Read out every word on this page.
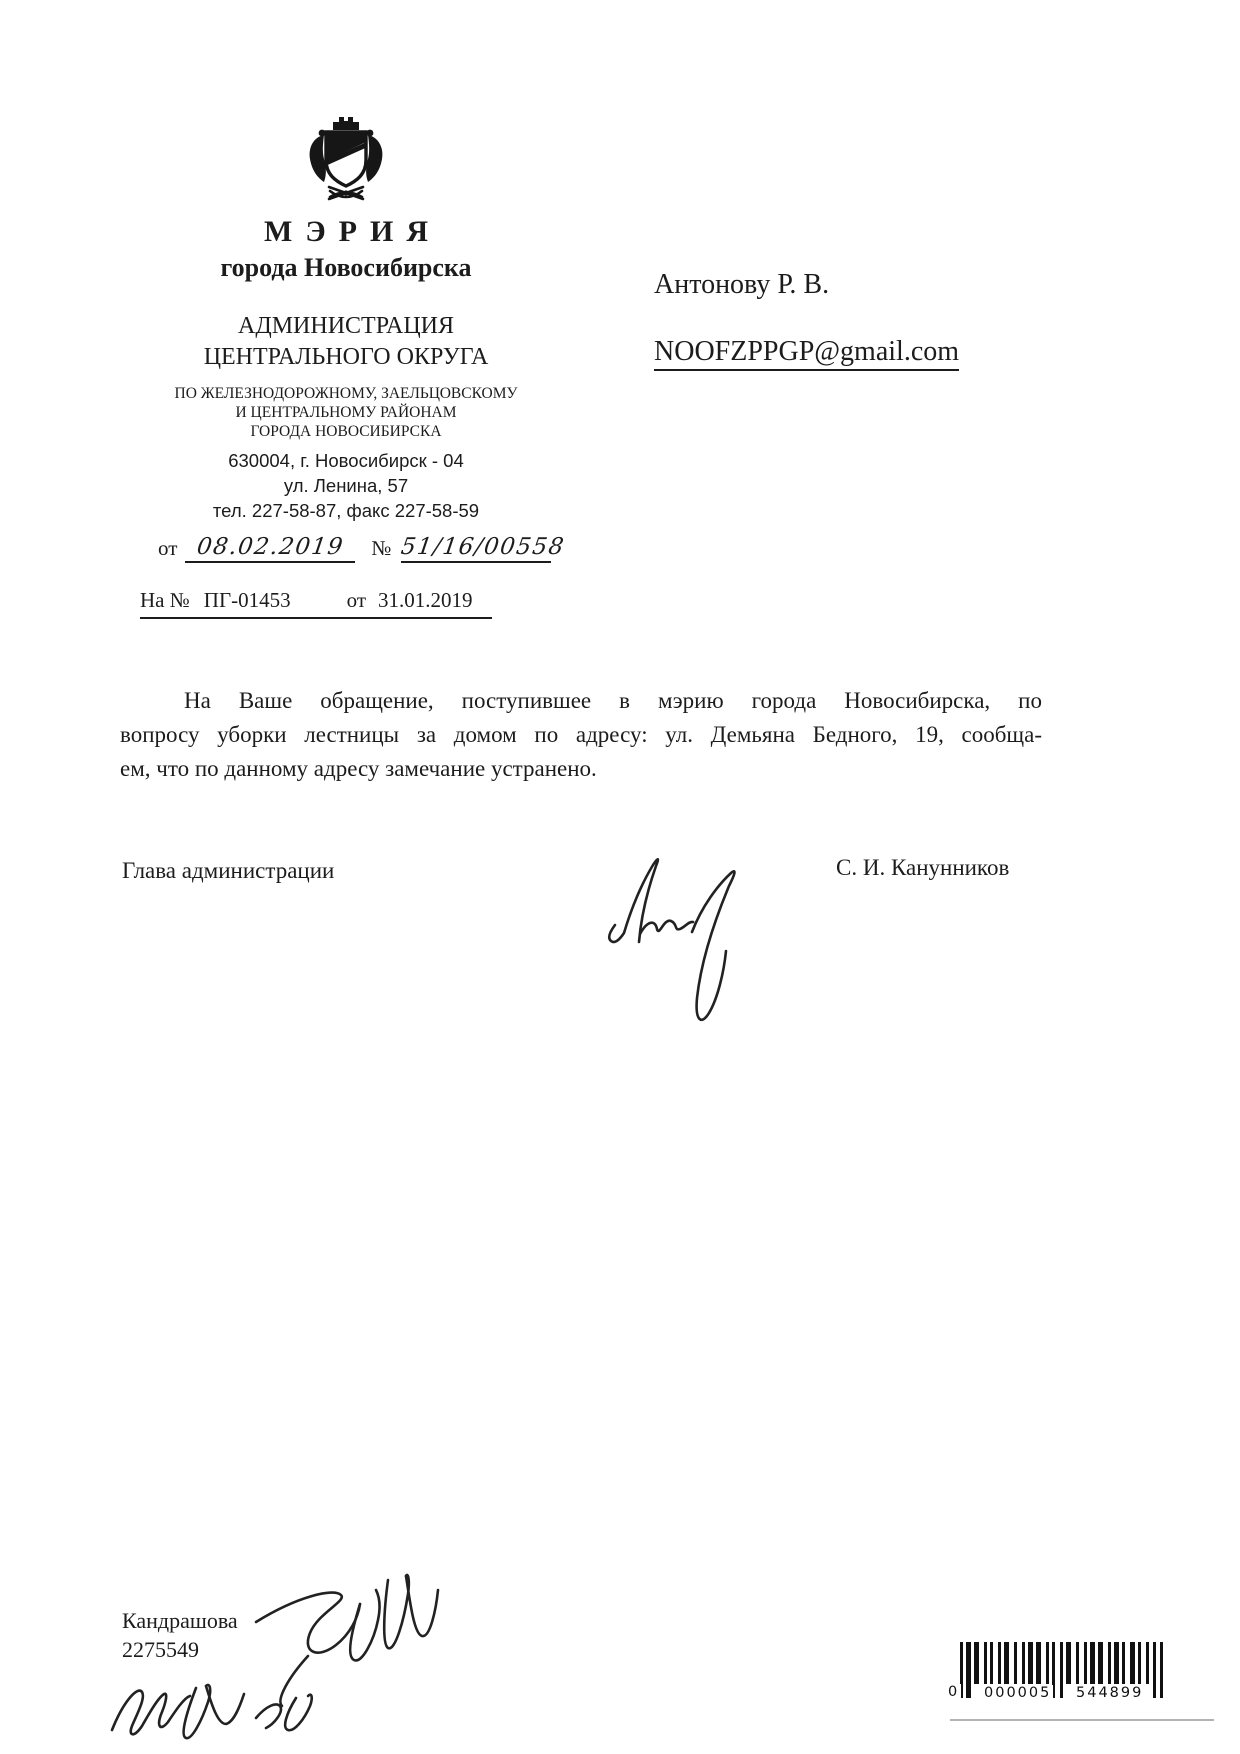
МЭРИЯ
города Новосибирска
АДМИНИСТРАЦИЯ
ЦЕНТРАЛЬНОГО ОКРУГА
ПО ЖЕЛЕЗНОДОРОЖНОМУ, ЗАЕЛЬЦОВСКОМУ
И ЦЕНТРАЛЬНОМУ РАЙОНАМ
ГОРОДА НОВОСИБИРСКА
630004, г. Новосибирск - 04
ул. Ленина, 57
тел. 227-58-87, факс 227-58-59
от 08.02.2019 № 51/16/00558
На № ПГ-01453	от 31.01.2019
Антонову Р. В.
NOOFZPPGP@gmail.com
На Ваше обращение, поступившее в мэрию города Новосибирска, по
вопросу уборки лестницы за домом по адресу: ул. Демьяна Бедного, 19, сообща-
ем, что по данному адресу замечание устранено.
Глава администрации	С. И. Канунников
Кандрашова
2275549
0 000005 544899
